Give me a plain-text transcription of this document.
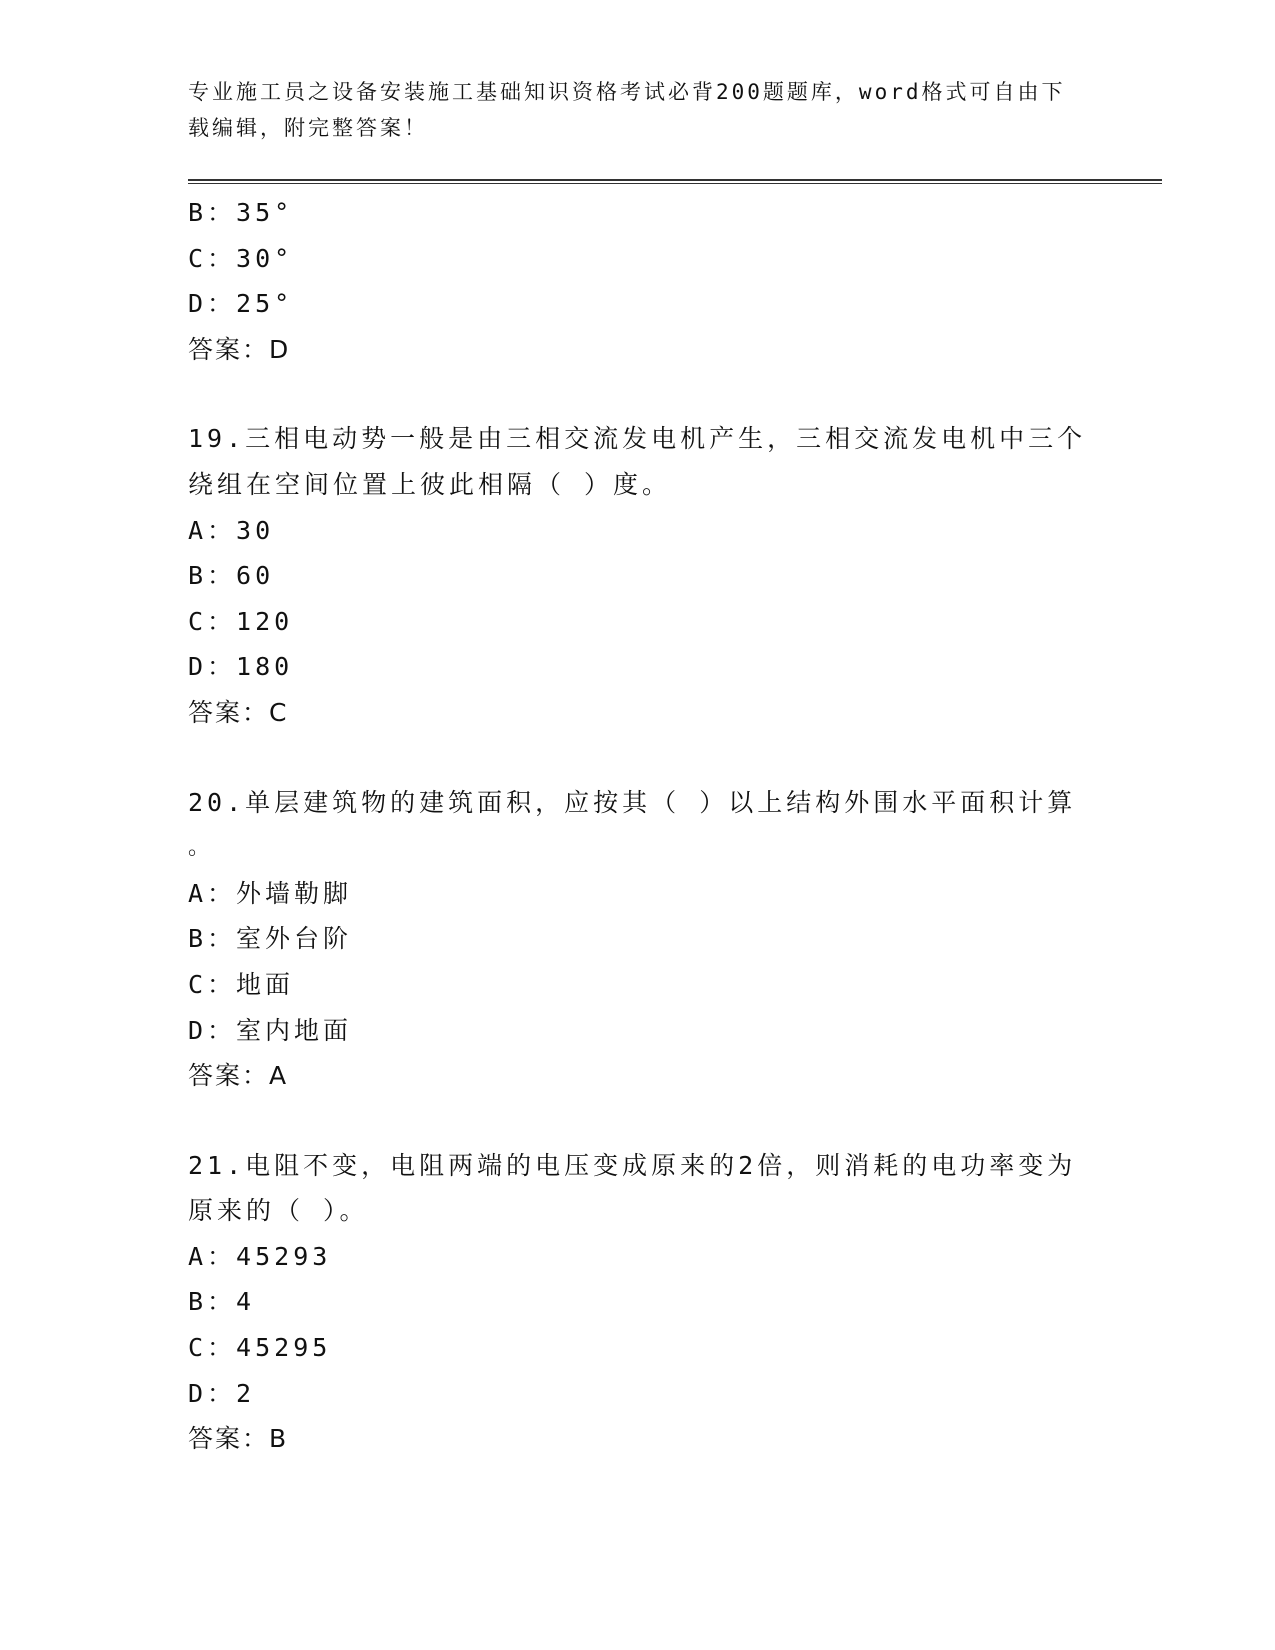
专业施工员之设备安装施工基础知识资格考试必背200题题库，word格式可自由下载编辑，附完整答案！
B：35°
C：30°
D：25°
答案：D
19.三相电动势一般是由三相交流发电机产生，三相交流发电机中三个
绕组在空间位置上彼此相隔（ ）度。
A：30
B：60
C：120
D：180
答案：C
20.单层建筑物的建筑面积，应按其（ ）以上结构外围水平面积计算
。
A：外墙勒脚
B：室外台阶
C：地面
D：室内地面
答案：A
21.电阻不变，电阻两端的电压变成原来的2倍，则消耗的电功率变为
原来的（ ）。
A：45293
B：4
C：45295
D：2
答案：B
